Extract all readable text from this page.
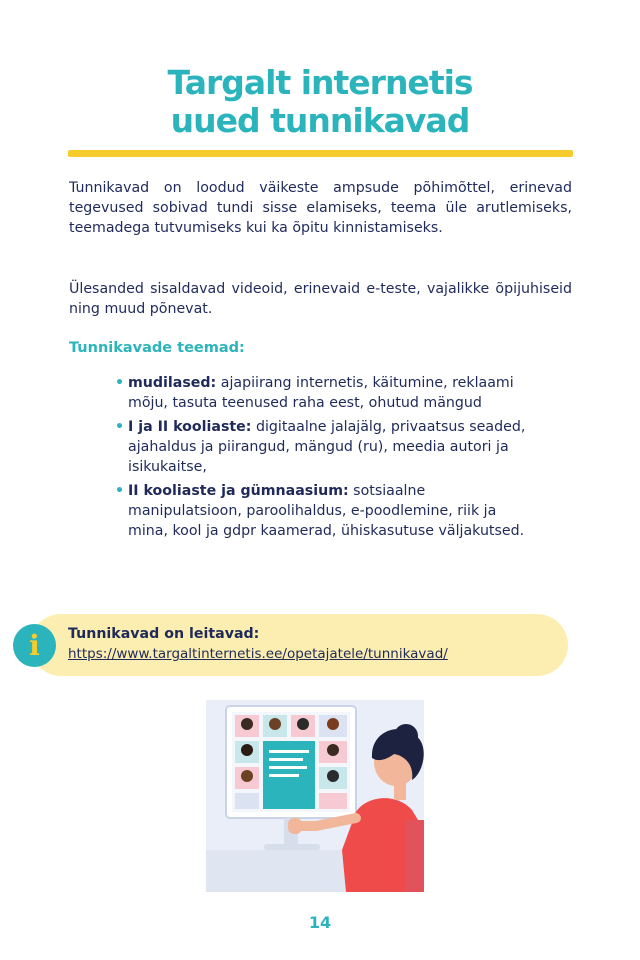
Targalt internetis
uued tunnikavad
Tunnikavad on loodud väikeste ampsude põhimõttel, erinevad tegevused sobivad tundi sisse elamiseks, teema üle arutlemiseks, teemadega tutvumiseks kui ka õpitu kinnistamiseks.
Ülesanded sisaldavad videoid, erinevaid e-teste, vajalikke õpijuhiseid ning muud põnevat.
Tunnikavade teemad:
• mudilased: ajapiirang internetis, käitumine, reklaami mõju, tasuta teenused raha eest, ohutud mängud
• I ja II kooliaste: digitaalne jalajälg, privaatsus seaded, ajahaldus ja piirangud, mängud (ru), meedia autori ja isikukaitse,
• II kooliaste ja gümnaasium: sotsiaalne manipulatsioon, paroolihaldus, e-poodlemine, riik ja mina, kool ja gdpr kaamerad, ühiskasutuse väljakutsed.
i	Tunnikavad on leitavad:
https://www.targaltinternetis.ee/opetajatele/tunnikavad/
14
